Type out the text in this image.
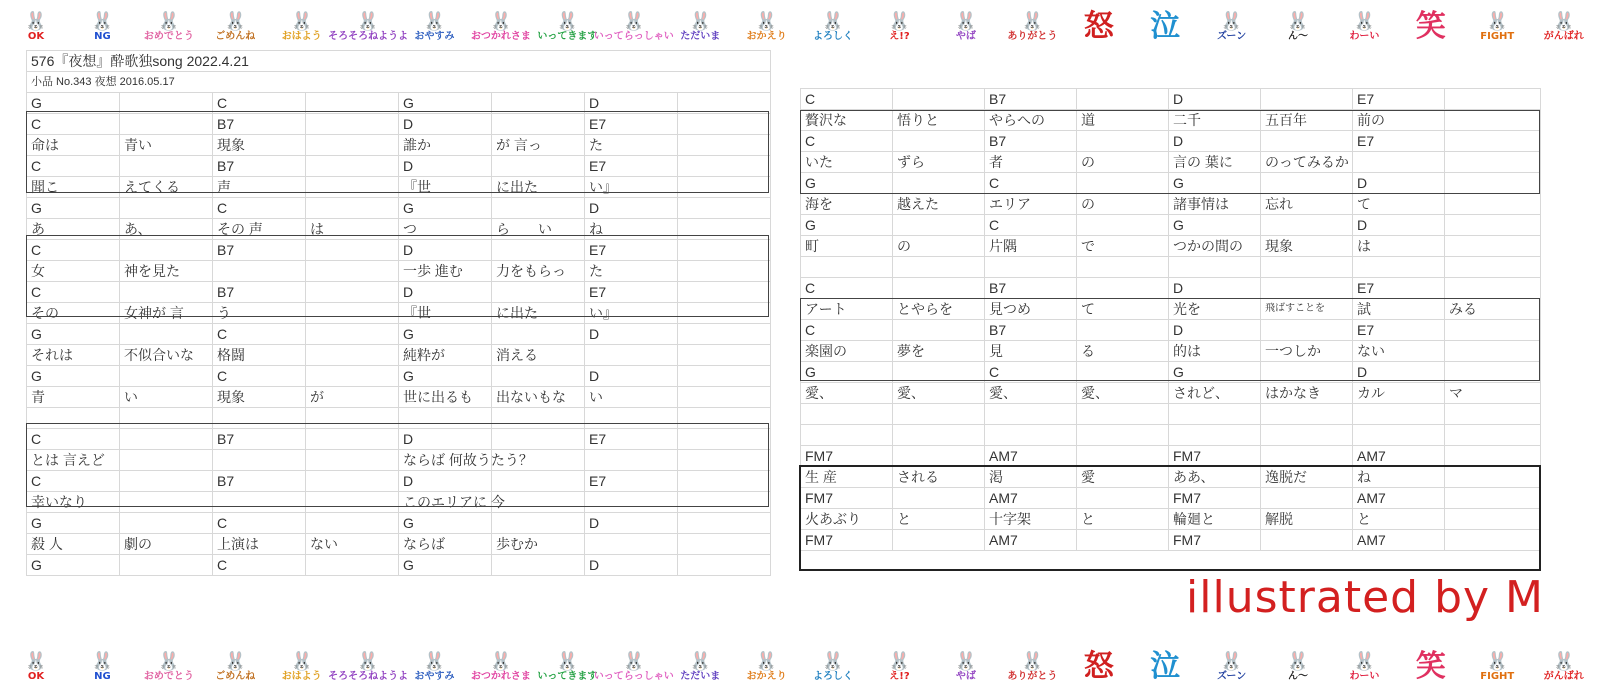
🐰
OK
🐰
NG
🐰
おめでとう
🐰
ごめんね
🐰
おはよう
🐰
そろそろねようよ
🐰
おやすみ
🐰
おつかれさま
🐰
いってきます
🐰
いってらっしゃい
🐰
ただいま
🐰
おかえり
🐰
よろしく
🐰
え!?
🐰
やば
🐰
ありがとう 怒 泣 🐰
ズーン
🐰
ん〜
🐰
わーい 笑 🐰
FIGHT
🐰
がんばれ
576『夜想』酔歌独song 2022.4.21							
小品 No.343 夜想 2016.05.17							
G		C		G		D	
C		B7		D		E7	
命は	青い	現象		誰か	が 言っ	た	
C		B7		D		E7	
聞こ	えてくる	声		『世	に出た	い』	
G		C		G		D	
あ	あ、	その 声	は	つ	ら　　い	ね	
C		B7		D		E7	
女	神を見た			一歩 進む	力をもらっ	た	
C		B7		D		E7	
その	女神が 言	う		『世	に出た	い』	
G		C		G		D	
それは	不似合いな	格闘		純粋が	消える		
G		C		G		D	
青	い	現象	が	世に出るも	出ないもな	い	

C		B7		D		E7	
とは 言えど				ならば 何故うたう？			
C		B7		D		E7	
幸いなり				このエリアに 今			
G		C		G		D	
殺 人	劇の	上演は	ない	ならば	歩むか		
G		C		G		D	
C		B7		D		E7	
贅沢な	悟りと	やらへの	道	二千	五百年	前の	
C		B7		D		E7	
いた	ずら	者	の	言の 葉に	のってみるか		
G		C		G		D	
海を	越えた	エリア	の	諸事情は	忘れ	て	
G		C		G		D	
町	の	片隅	で	つかの間の	現象	は	

C		B7		D		E7	
アート	とやらを	見つめ	て	光を	飛ばすことを	試	みる
C		B7		D		E7	
楽園の	夢を	見	る	的は	一つしか	ない	
G		C		G		D	
愛、	愛、	愛、	愛、	されど、	はかなき	カル	マ

FM7		AM7		FM7		AM7	
生 産	される	渇	愛	ああ、	逸脱だ	ね	
FM7		AM7		FM7		AM7	
火あぶり	と	十字架	と	輪廻と	解脱	と	
FM7		AM7		FM7		AM7	
illustrated by M
🐰
OK
🐰
NG
🐰
おめでとう
🐰
ごめんね
🐰
おはよう
🐰
そろそろねようよ
🐰
おやすみ
🐰
おつかれさま
🐰
いってきます
🐰
いってらっしゃい
🐰
ただいま
🐰
おかえり
🐰
よろしく
🐰
え!?
🐰
やば
🐰
ありがとう 怒 泣 🐰
ズーン
🐰
ん〜
🐰
わーい 笑 🐰
FIGHT
🐰
がんばれ
